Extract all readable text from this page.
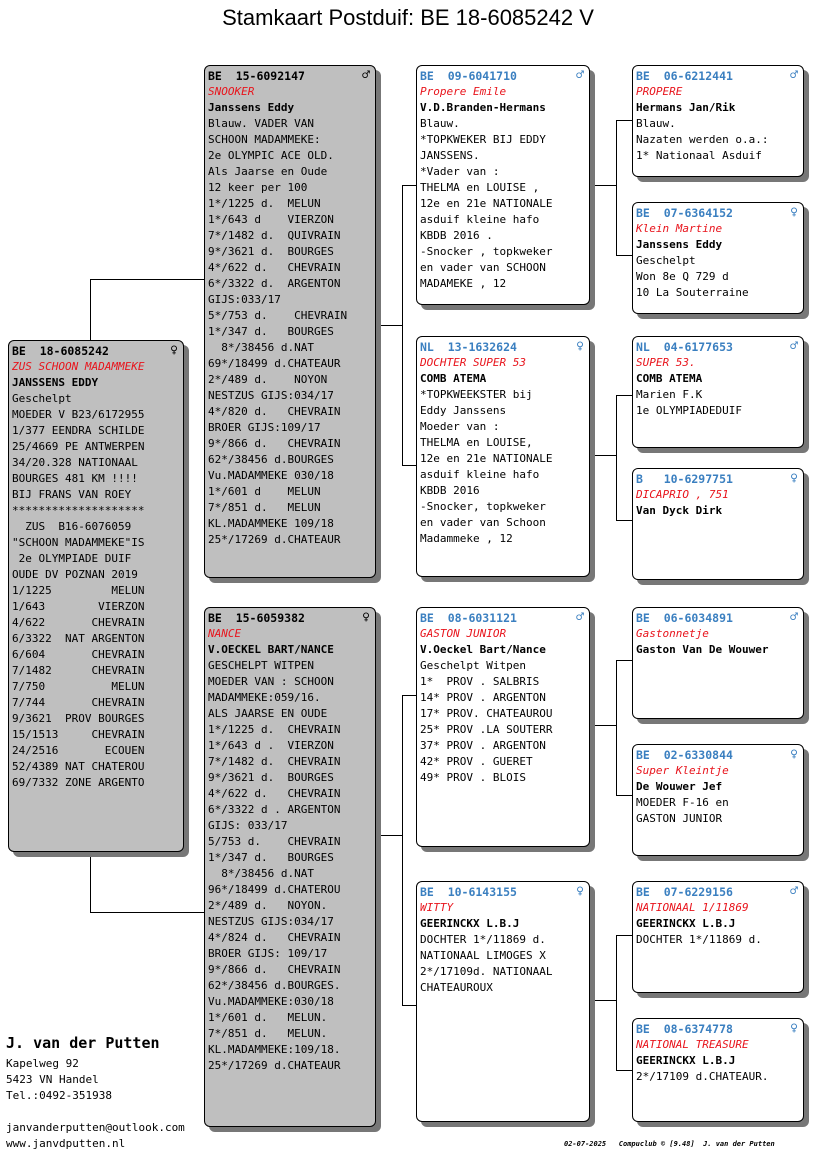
Stamkaart Postduif: BE 18-6085242 V
BE  18-6085242	♀
ZUS SCHOON MADAMMEKE
JANSSENS EDDY
Geschelpt
MOEDER V B23/6172955
1/377 EENDRA SCHILDE
25/4669 PE ANTWERPEN
34/20.328 NATIONAAL
BOURGES 481 KM !!!!
BIJ FRANS VAN ROEY
********************
ZUS  B16-6076059
"SCHOON MADAMMEKE"IS
2e OLYMPIADE DUIF
OUDE DV POZNAN 2019
1/1225         MELUN
1/643        VIERZON
4/622       CHEVRAIN
6/3322  NAT ARGENTON
6/604       CHEVRAIN
7/1482      CHEVRAIN
7/750          MELUN
7/744       CHEVRAIN
9/3621  PROV BOURGES
15/1513     CHEVRAIN
24/2516       ECOUEN
52/4389 NAT CHATEROU
69/7332 ZONE ARGENTO
BE  15-6092147	♂
SNOOKER
Janssens Eddy
Blauw. VADER VAN
SCHOON MADAMMEKE:
2e OLYMPIC ACE OLD.
Als Jaarse en Oude
12 keer per 100
1*/1225 d.  MELUN
1*/643 d    VIERZON
7*/1482 d.  QUIVRAIN
9*/3621 d.  BOURGES
4*/622 d.   CHEVRAIN
6*/3322 d.  ARGENTON
GIJS:033/17
5*/753 d.    CHEVRAIN
1*/347 d.   BOURGES
8*/38456 d.NAT
69*/18499 d.CHATEAUR
2*/489 d.    NOYON
NESTZUS GIJS:034/17
4*/820 d.   CHEVRAIN
BROER GIJS:109/17
9*/866 d.   CHEVRAIN
62*/38456 d.BOURGES
Vu.MADAMMEKE 030/18
1*/601 d    MELUN
7*/851 d.   MELUN
KL.MADAMMEKE 109/18
25*/17269 d.CHATEAUR
BE  15-6059382	♀
NANCE
V.OECKEL BART/NANCE
GESCHELPT WITPEN
MOEDER VAN : SCHOON
MADAMMEKE:059/16.
ALS JAARSE EN OUDE
1*/1225 d.  CHEVRAIN
1*/643 d .  VIERZON
7*/1482 d.  CHEVRAIN
9*/3621 d.  BOURGES
4*/622 d.   CHEVRAIN
6*/3322 d . ARGENTON
GIJS: 033/17
5/753 d.    CHEVRAIN
1*/347 d.   BOURGES
8*/38456 d.NAT
96*/18499 d.CHATEROU
2*/489 d.   NOYON.
NESTZUS GIJS:034/17
4*/824 d.   CHEVRAIN
BROER GIJS: 109/17
9*/866 d.   CHEVRAIN
62*/38456 d.BOURGES.
Vu.MADAMMEKE:030/18
1*/601 d.   MELUN.
7*/851 d.   MELUN.
KL.MADAMMEKE:109/18.
25*/17269 d.CHATEAUR
BE  09-6041710	♂
Propere Emile
V.D.Branden-Hermans
Blauw.
*TOPKWEKER BIJ EDDY
JANSSENS.
*Vader van :
THELMA en LOUISE ,
12e en 21e NATIONALE
asduif kleine hafo
KBDB 2016 .
-Snocker , topkweker
en vader van SCHOON
MADAMEKE , 12
NL  13-1632624	♀
DOCHTER SUPER 53
COMB ATEMA
*TOPKWEEKSTER bij
Eddy Janssens
Moeder van :
THELMA en LOUISE,
12e en 21e NATIONALE
asduif kleine hafo
KBDB 2016
-Snocker, topkweker
en vader van Schoon
Madammeke , 12
BE  08-6031121	♂
GASTON JUNIOR
V.Oeckel Bart/Nance
Geschelpt Witpen
1*  PROV . SALBRIS
14* PROV . ARGENTON
17* PROV. CHATEAUROU
25* PROV .LA SOUTERR
37* PROV . ARGENTON
42* PROV . GUERET
49* PROV . BLOIS
BE  10-6143155	♀
WITTY
GEERINCKX L.B.J
DOCHTER 1*/11869 d.
NATIONAAL LIMOGES X
2*/17109d. NATIONAAL
CHATEAUROUX
BE  06-6212441	♂
PROPERE
Hermans Jan/Rik
Blauw.
Nazaten werden o.a.:
1* Nationaal Asduif
BE  07-6364152	♀
Klein Martine
Janssens Eddy
Geschelpt
Won 8e Q 729 d
10 La Souterraine
NL  04-6177653	♂
SUPER 53.
COMB ATEMA
Marien F.K
1e OLYMPIADEDUIF
B   10-6297751	♀
DICAPRIO , 751
Van Dyck Dirk
BE  06-6034891	♂
Gastonnetje
Gaston Van De Wouwer
BE  02-6330844	♀
Super Kleintje
De Wouwer Jef
MOEDER F-16 en
GASTON JUNIOR
BE  07-6229156	♂
NATIONAAL 1/11869
GEERINCKX L.B.J
DOCHTER 1*/11869 d.
BE  08-6374778	♀
NATIONAL TREASURE
GEERINCKX L.B.J
2*/17109 d.CHATEAUR.
J. van der Putten
Kapelweg 92
5423 VN Handel
Tel.:0492-351938
janvanderputten@outlook.com
www.janvdputten.nl	02-07-2025   Compuclub © [9.48]  J. van der Putten
